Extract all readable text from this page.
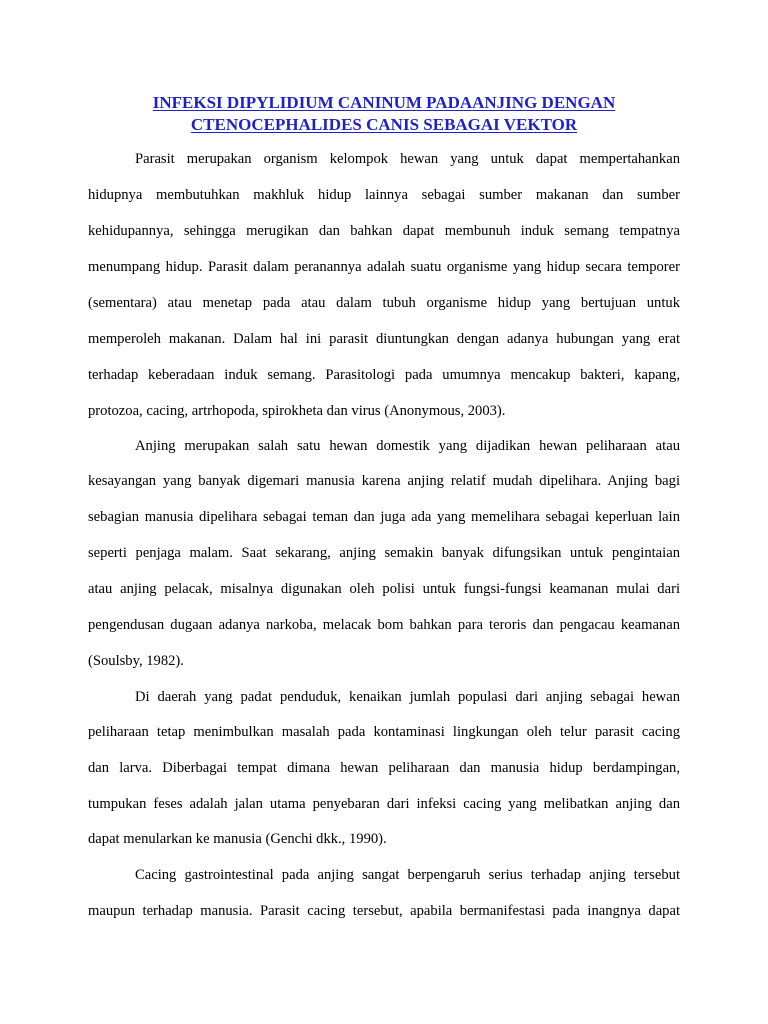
INFEKSI DIPYLIDIUM CANINUM PADAANJING DENGAN
CTENOCEPHALIDES CANIS SEBAGAI VEKTOR
Parasit merupakan organism kelompok hewan yang untuk dapat mempertahankan
hidupnya membutuhkan makhluk hidup lainnya sebagai sumber makanan dan sumber
kehidupannya, sehingga merugikan dan bahkan dapat membunuh induk semang tempatnya
menumpang hidup. Parasit dalam peranannya adalah suatu organisme yang hidup secara temporer
(sementara) atau menetap pada atau dalam tubuh organisme hidup yang bertujuan untuk
memperoleh makanan. Dalam hal ini parasit diuntungkan dengan adanya hubungan yang erat
terhadap keberadaan induk semang. Parasitologi pada umumnya mencakup bakteri, kapang,
protozoa, cacing, artrhopoda, spirokheta dan virus (Anonymous, 2003).
Anjing merupakan salah satu hewan domestik yang dijadikan hewan peliharaan atau
kesayangan yang banyak digemari manusia karena anjing relatif mudah dipelihara. Anjing bagi
sebagian manusia dipelihara sebagai teman dan juga ada yang memelihara sebagai keperluan lain
seperti penjaga malam. Saat sekarang, anjing semakin banyak difungsikan untuk pengintaian
atau anjing pelacak, misalnya digunakan oleh polisi untuk fungsi-fungsi keamanan mulai dari
pengendusan dugaan adanya narkoba, melacak bom bahkan para teroris dan pengacau keamanan
(Soulsby, 1982).
Di daerah yang padat penduduk, kenaikan jumlah populasi dari anjing sebagai hewan
peliharaan tetap menimbulkan masalah pada kontaminasi lingkungan oleh telur parasit cacing
dan larva. Diberbagai tempat dimana hewan peliharaan dan manusia hidup berdampingan,
tumpukan feses adalah jalan utama penyebaran dari infeksi cacing yang melibatkan anjing dan
dapat menularkan ke manusia (Genchi dkk., 1990).
Cacing gastrointestinal pada anjing sangat berpengaruh serius terhadap anjing tersebut
maupun terhadap manusia. Parasit cacing tersebut, apabila bermanifestasi pada inangnya dapat
